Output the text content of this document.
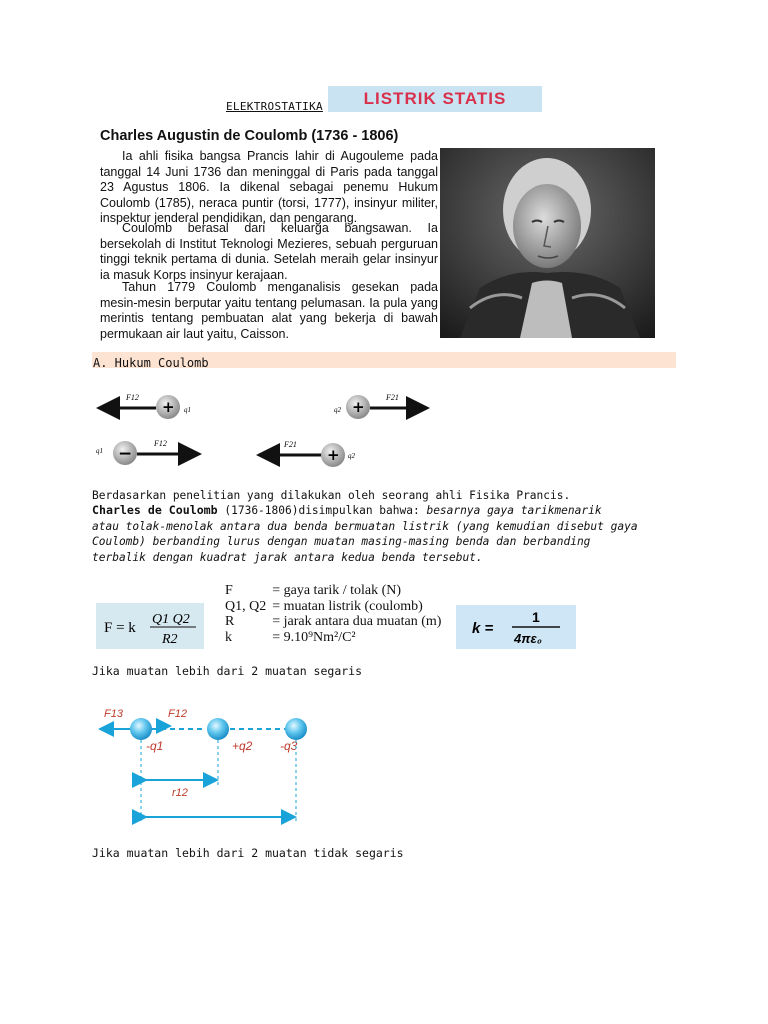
ELEKTROSTATIKA	LISTRIK STATIS
Charles Augustin de Coulomb (1736 - 1806)

Ia ahli fisika bangsa Prancis lahir di Augouleme pada tanggal 14 Juni 1736 dan meninggal di Paris pada tanggal 23 Agustus 1806. Ia dikenal sebagai penemu Hukum Coulomb (1785), neraca puntir (torsi, 1777), insinyur militer, inspektur jenderal pendidikan, dan pengarang.

Coulomb berasal dari keluarga bangsawan. Ia bersekolah di Institut Teknologi Mezieres, sebuah perguruan tinggi teknik pertama di dunia. Setelah meraih gelar insinyur ia masuk Korps insinyur kerajaan.

Tahun 1779 Coulomb menganalisis gesekan pada mesin-mesin berputar yaitu tentang pelumasan. Ia pula yang merintis tentang pembuatan alat yang bekerja di bawah permukaan air laut yaitu, Caisson.

A. Hukum Coulomb
+
F12
q1	+
F21
q2
−
F12
q1	+
F21
q2
Berdasarkan penelitian yang dilakukan oleh seorang ahli Fisika Prancis.
Charles de Coulomb (1736-1806)disimpulkan bahwa: besarnya gaya tarikmenarik
atau tolak-menolak antara dua benda bermuatan listrik (yang kemudian disebut gaya
Coulomb) berbanding lurus dengan muatan masing-masing benda dan berbanding
terbalik dengan kuadrat jarak antara kedua benda tersebut.
F = k
Q1 Q2
R2
F	= gaya tarik / tolak (N)
Q1, Q2	= muatan listrik (coulomb)
R	= jarak antara dua muatan (m)
k	= 9.10⁹Nm²/C²	k =
1
4πε₀
Jika muatan lebih dari 2 muatan segaris
F13	F12
-q1	+q2 -q3
r12
Jika muatan lebih dari 2 muatan tidak segaris
